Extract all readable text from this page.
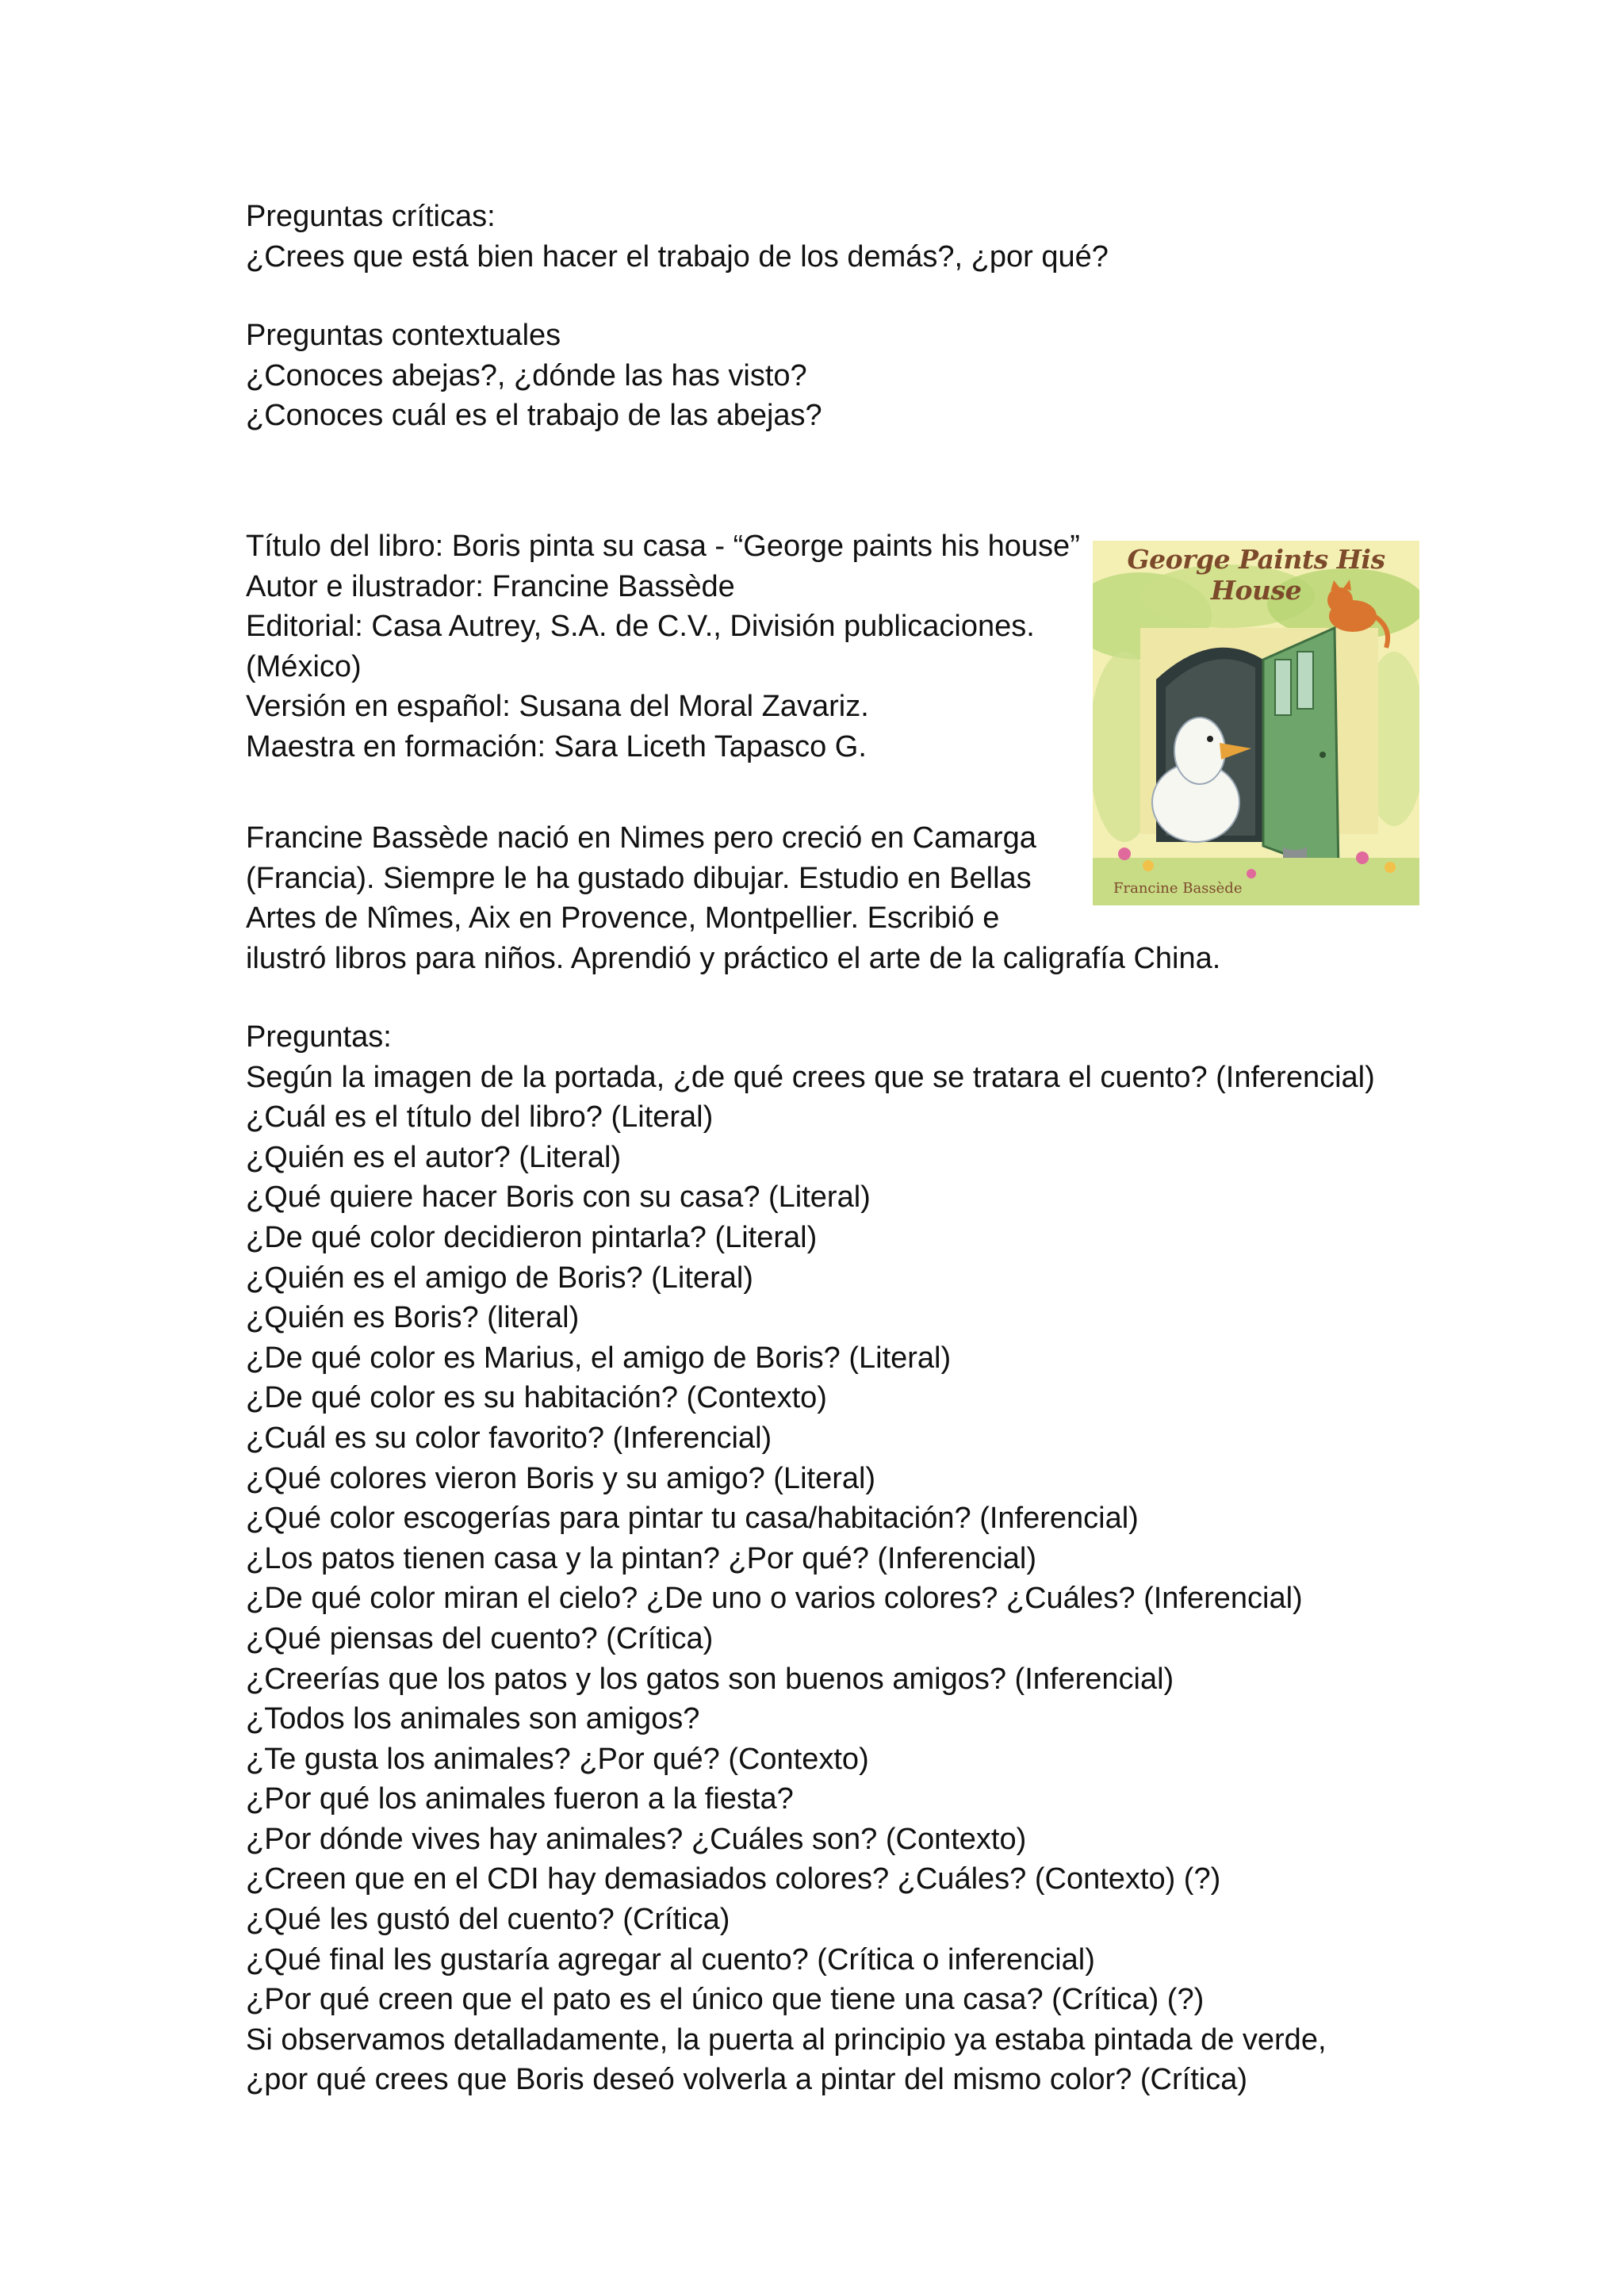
Preguntas críticas:
¿Crees que está bien hacer el trabajo de los demás?, ¿por qué?
Preguntas contextuales
¿Conoces abejas?, ¿dónde las has visto?
¿Conoces cuál es el trabajo de las abejas?
Título del libro: Boris pinta su casa - “George paints his house”
Autor e ilustrador: Francine Bassède
Editorial: Casa Autrey, S.A. de C.V., División publicaciones.
(México)
Versión en español: Susana del Moral Zavariz.
Maestra en formación: Sara Liceth Tapasco G.
Francine Bassède nació en Nimes pero creció en Camarga
(Francia). Siempre le ha gustado dibujar. Estudio en Bellas
Artes de Nîmes, Aix en Provence, Montpellier. Escribió e
ilustró libros para niños. Aprendió y práctico el arte de la caligrafía China.
George Paints His House
Francine Bassède
Preguntas:
Según la imagen de la portada, ¿de qué crees que se tratara el cuento? (Inferencial)
¿Cuál es el título del libro? (Literal)
¿Quién es el autor? (Literal)
¿Qué quiere hacer Boris con su casa? (Literal)
¿De qué color decidieron pintarla? (Literal)
¿Quién es el amigo de Boris? (Literal)
¿Quién es Boris? (literal)
¿De qué color es Marius, el amigo de Boris? (Literal)
¿De qué color es su habitación? (Contexto)
¿Cuál es su color favorito? (Inferencial)
¿Qué colores vieron Boris y su amigo? (Literal)
¿Qué color escogerías para pintar tu casa/habitación? (Inferencial)
¿Los patos tienen casa y la pintan? ¿Por qué? (Inferencial)
¿De qué color miran el cielo? ¿De uno o varios colores? ¿Cuáles? (Inferencial)
¿Qué piensas del cuento? (Crítica)
¿Creerías que los patos y los gatos son buenos amigos? (Inferencial)
¿Todos los animales son amigos?
¿Te gusta los animales? ¿Por qué? (Contexto)
¿Por qué los animales fueron a la fiesta?
¿Por dónde vives hay animales? ¿Cuáles son? (Contexto)
¿Creen que en el CDI hay demasiados colores? ¿Cuáles? (Contexto) (?)
¿Qué les gustó del cuento? (Crítica)
¿Qué final les gustaría agregar al cuento? (Crítica o inferencial)
¿Por qué creen que el pato es el único que tiene una casa? (Crítica) (?)
Si observamos detalladamente, la puerta al principio ya estaba pintada de verde,
¿por qué crees que Boris deseó volverla a pintar del mismo color? (Crítica)
